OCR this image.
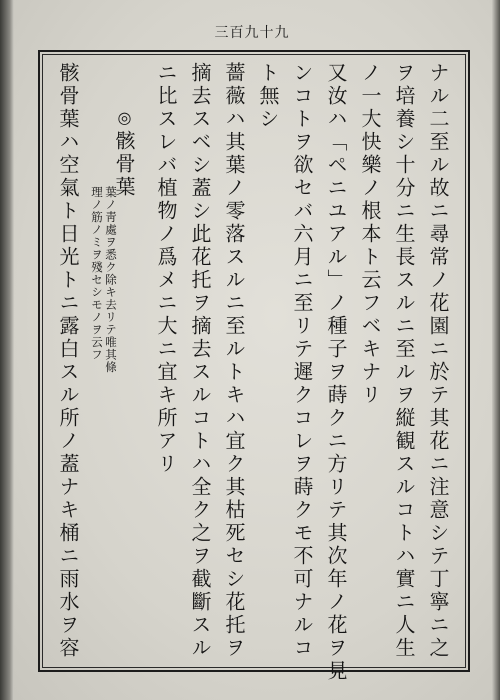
三百九十九
ナル二至ル故ニ尋常ノ花園ニ於テ其花ニ注意シテ丁寧ニ之
ヲ培養シ十分ニ生長スルニ至ルヲ縦観スルコトハ實ニ人生
ノ一大快樂ノ根本ト云フベキナリ
又汝ハ「ペニユアル」ノ種子ヲ蒔クニ方リテ其次年ノ花ヲ見
ンコトヲ欲セバ六月ニ至リテ遲クコレヲ蒔クモ不可ナルコ
ト無シ
薔薇ハ其葉ノ零落スルニ至ルトキハ宜ク其枯死セシ花托ヲ
摘去スベシ蓋シ此花托ヲ摘去スルコトハ全ク之ヲ截斷スル
ニ比スレバ植物ノ爲メニ大ニ宜キ所アリ
◎骸骨葉
葉ノ靑處ヲ悉ク除キ去リテ唯其條
理ノ筋ノミヲ殘セシモノヲ云フ
骸骨葉ハ空氣ト日光トニ露白スル所ノ蓋ナキ桶ニ雨水ヲ容
